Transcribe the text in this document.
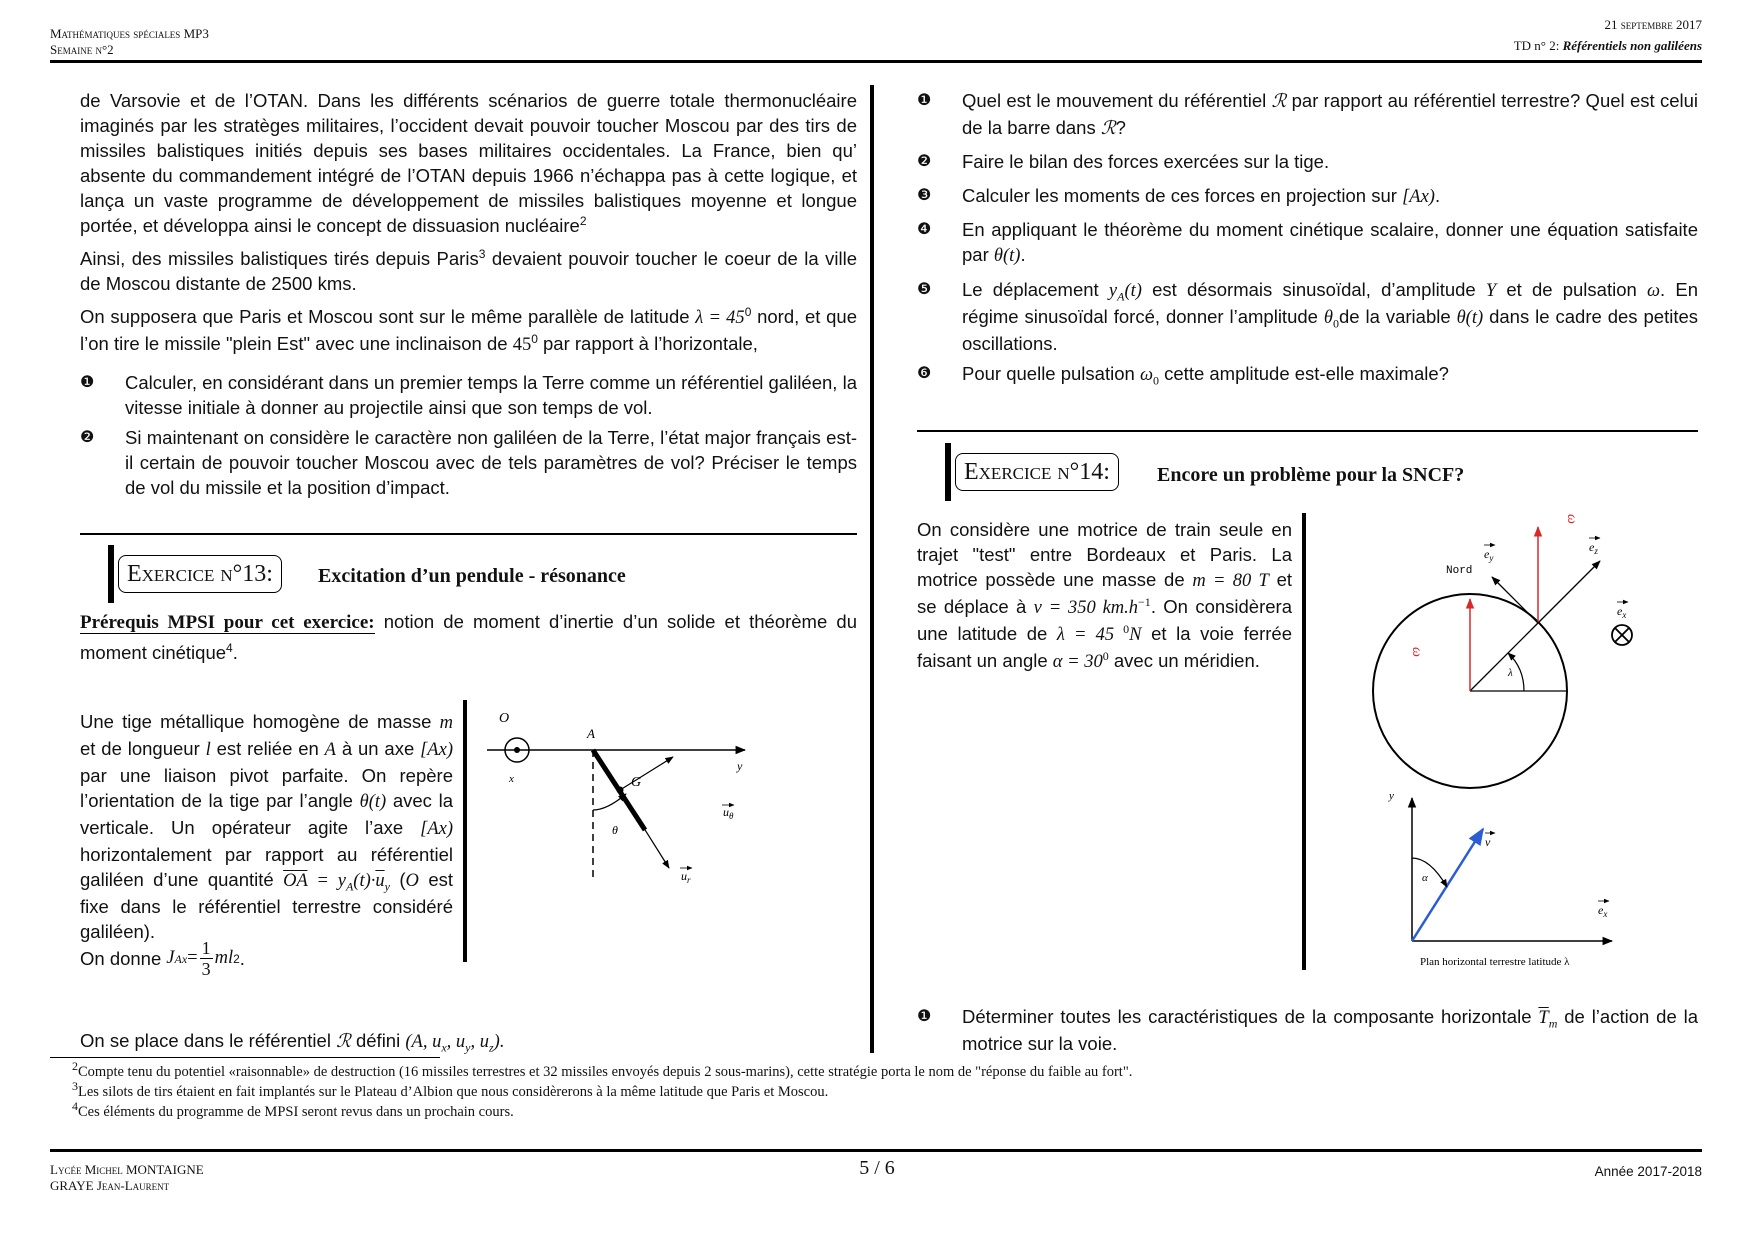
Mathématiques spéciales MP3
Semaine n°2
21 septembre 2017
TD n° 2: Référentiels non galiléens

de Varsovie et de l’OTAN. Dans les différents scénarios de guerre totale thermonucléaire imaginés par les stratèges militaires, l’occident devait pouvoir toucher Moscou par des tirs de missiles balistiques initiés depuis ses bases militaires occidentales. La France, bien qu’ absente du commandement intégré de l’OTAN depuis 1966 n’échappa pas à cette logique, et lança un vaste programme de développement de missiles balistiques moyenne et longue portée, et développa ainsi le concept de dissuasion nucléaire$^2$

Ainsi, des missiles balistiques tirés depuis Paris$^3$ devaient pouvoir toucher le coeur de la ville de Moscou distante de 2500 kms.

On supposera que Paris et Moscou sont sur le même parallèle de latitude $\lambda = 45^0$ nord, et que l’on tire le missile "plein Est" avec une inclinaison de $45^0$ par rapport à l’horizontale,

❶	Calculer, en considérant dans un premier temps la Terre comme un référentiel galiléen, la vitesse initiale à donner au projectile ainsi que son temps de vol.
❷	Si maintenant on considère le caractère non galiléen de la Terre, l’état major français est-il certain de pouvoir toucher Moscou avec de tels paramètres de vol? Préciser le temps de vol du missile et la position d’impact.
Exercice n°13:	Excitation d’un pendule - résonance
Prérequis MPSI pour cet exercice: notion de moment d’inertie d’un solide et théorème du moment cinétique$^4$.

Une tige métallique homogène de masse m et de longueur l est reliée en A à un axe [Ax) par une liaison pivot parfaite. On repère l’orientation de la tige par l’angle θ(t) avec la verticale. Un opérateur agite l’axe [Ax) horizontalement par rapport au référentiel galiléen d’une quantité $\overline{OA} = y_A(t)\cdot\overline{u}_y$ (O est fixe dans le référentiel terrestre considéré galiléen).

On donne J $Ax = \frac{1}{3}$ ml 2 .
O
x
A
y
G
θ
$u_\theta$
$u_r$
On se place dans le référentiel ℛ défini (A, $u_x$, $u_y$, $u_z$).
❶	Quel est le mouvement du référentiel ℛ par rapport au référentiel terrestre? Quel est celui de la barre dans ℛ?
❷	Faire le bilan des forces exercées sur la tige.
❸	Calculer les moments de ces forces en projection sur [Ax).
❹	En appliquant le théorème du moment cinétique scalaire, donner une équation satisfaite par θ(t).
❺	Le déplacement $y_A(t)$ est désormais sinusoïdal, d’amplitude Y et de pulsation ω. En régime sinusoïdal forcé, donner l’amplitude $\theta_0de$ la variable θ(t) dans le cadre des petites oscillations.
❻	Pour quelle pulsation $\omega_0$ cette amplitude est-elle maximale?
Exercice n°14:	Encore un problème pour la SNCF?
On considère une motrice de train seule en trajet "test" entre Bordeaux et Paris. La motrice possède une masse de m = 80 T et se déplace à v = 350 $km.h^{-1}$. On considèrera une latitude de λ = 45 $^0$N et la voie ferrée faisant un angle $\alpha = 30^0$ avec un méridien.
λ
ω
ω
$e_y$
$e_z$
Nord
$e_x$
α
y
v
$e_x$
Plan horizontal terrestre latitude λ
❶	Déterminer toutes les caractéristiques de la composante horizontale $\overline{T}_m$ de l’action de la motrice sur la voie.
$^2$Compte tenu du potentiel «raisonnable» de destruction (16 missiles terrestres et 32 missiles envoyés depuis 2 sous-marins), cette stratégie porta le nom de "réponse du faible au fort".
$^3$Les silots de tirs étaient en fait implantés sur le Plateau d’Albion que nous considèrerons à la même latitude que Paris et Moscou.
$^4$Ces éléments du programme de MPSI seront revus dans un prochain cours.
Lycée Michel MONTAIGNE
GRAYE Jean-Laurent
5 / 6	Année 2017-2018
